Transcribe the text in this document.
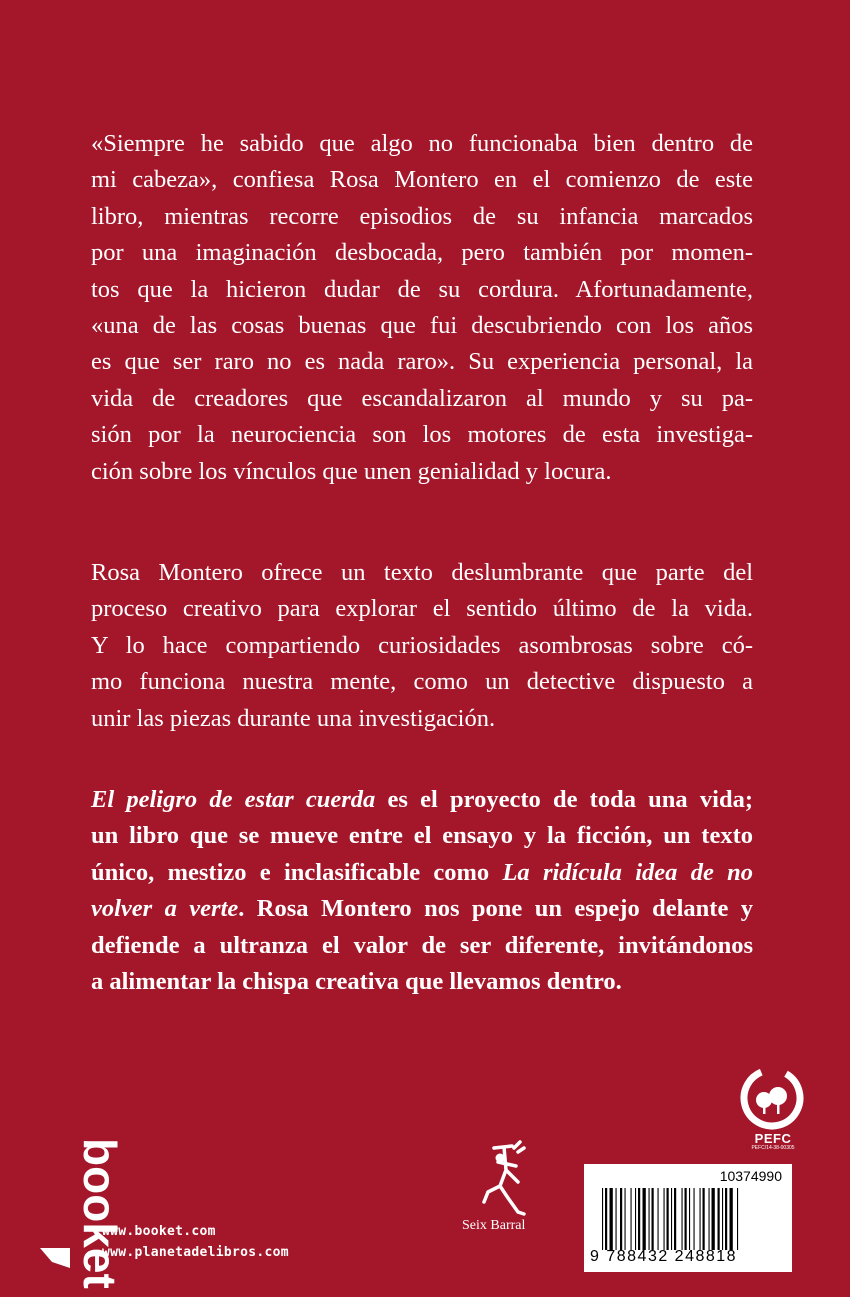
«Siempre he sabido que algo no funcionaba bien dentro de
mi cabeza», confiesa Rosa Montero en el comienzo de este
libro, mientras recorre episodios de su infancia marcados
por una imaginación desbocada, pero también por momen-
tos que la hicieron dudar de su cordura. Afortunadamente,
«una de las cosas buenas que fui descubriendo con los años
es que ser raro no es nada raro». Su experiencia personal, la
vida de creadores que escandalizaron al mundo y su pa-
sión por la neurociencia son los motores de esta investiga-
ción sobre los vínculos que unen genialidad y locura.
Rosa Montero ofrece un texto deslumbrante que parte del
proceso creativo para explorar el sentido último de la vida.
Y lo hace compartiendo curiosidades asombrosas sobre có-
mo funciona nuestra mente, como un detective dispuesto a
unir las piezas durante una investigación.
El peligro de estar cuerda es el proyecto de toda una vida;
un libro que se mueve entre el ensayo y la ficción, un texto
único, mestizo e inclasificable como La ridícula idea de no
volver a verte. Rosa Montero nos pone un espejo delante y
defiende a ultranza el valor de ser diferente, invitándonos
a alimentar la chispa creativa que llevamos dentro.
PEFC
PEFC/14-38-00305
10374990
9 788432 248818
Seix Barral
booket
www.booket.com
www.planetadelibros.com
